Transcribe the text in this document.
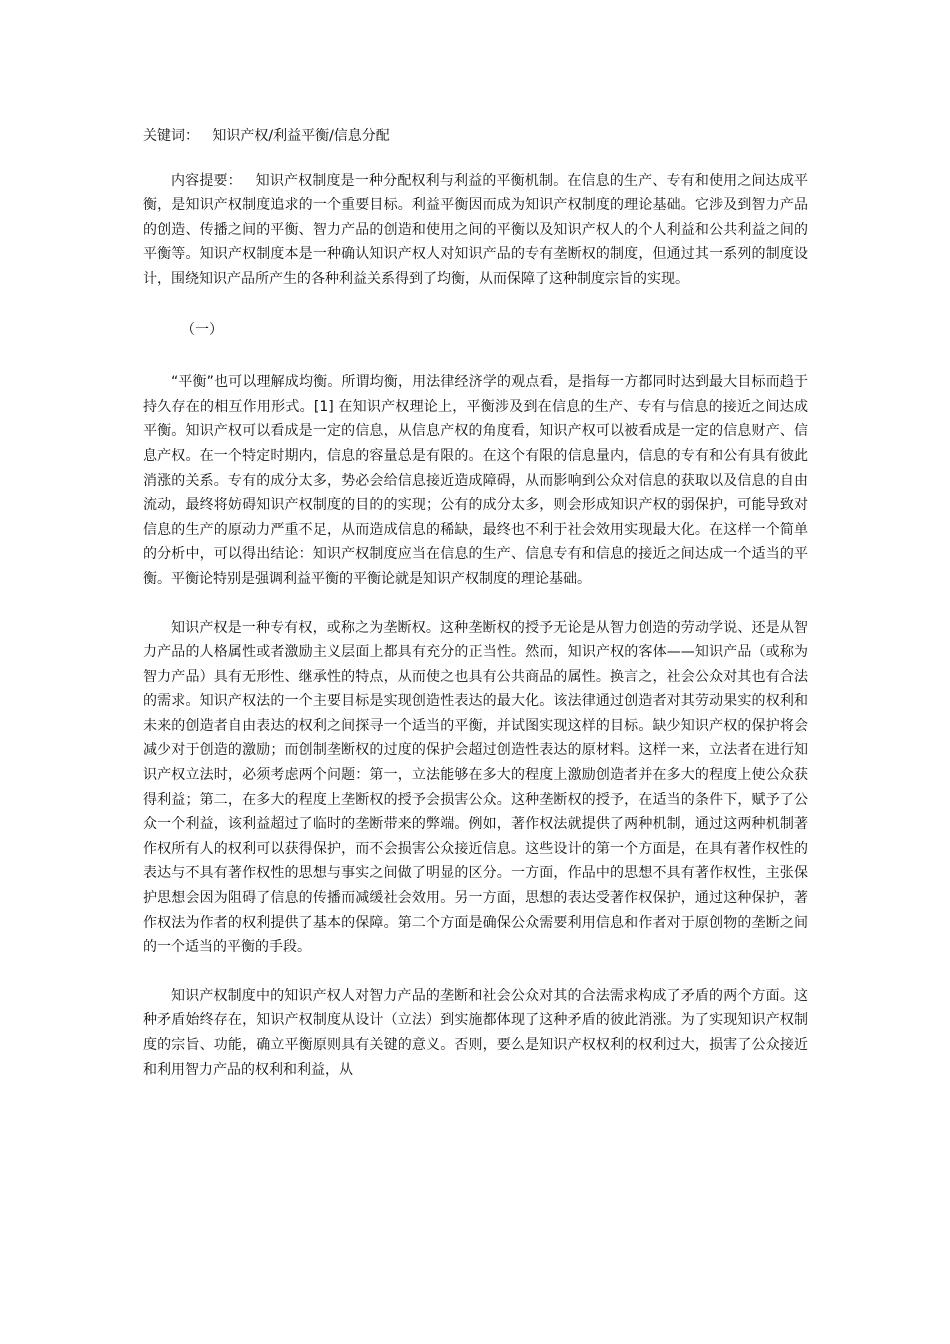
关键词：   知识产权/利益平衡/信息分配

内容提要：   知识产权制度是一种分配权利与利益的平衡机制。在信息的生产、专有和使用之间达成平衡，是知识产权制度追求的一个重要目标。利益平衡因而成为知识产权制度的理论基础。它涉及到智力产品的创造、传播之间的平衡、智力产品的创造和使用之间的平衡以及知识产权人的个人利益和公共利益之间的平衡等。知识产权制度本是一种确认知识产权人对知识产品的专有垄断权的制度，但通过其一系列的制度设计，围绕知识产品所产生的各种利益关系得到了均衡，从而保障了这种制度宗旨的实现。

（一）

“平衡”也可以理解成均衡。所谓均衡，用法律经济学的观点看，是指每一方都同时达到最大目标而趋于持久存在的相互作用形式。[1] 在知识产权理论上，平衡涉及到在信息的生产、专有与信息的接近之间达成平衡。知识产权可以看成是一定的信息，从信息产权的角度看，知识产权可以被看成是一定的信息财产、信息产权。在一个特定时期内，信息的容量总是有限的。在这个有限的信息量内，信息的专有和公有具有彼此消涨的关系。专有的成分太多，势必会给信息接近造成障碍，从而影响到公众对信息的获取以及信息的自由流动，最终将妨碍知识产权制度的目的的实现；公有的成分太多，则会形成知识产权的弱保护，可能导致对信息的生产的原动力严重不足，从而造成信息的稀缺，最终也不利于社会效用实现最大化。在这样一个简单的分析中，可以得出结论：知识产权制度应当在信息的生产、信息专有和信息的接近之间达成一个适当的平衡。平衡论特别是强调利益平衡的平衡论就是知识产权制度的理论基础。

知识产权是一种专有权，或称之为垄断权。这种垄断权的授予无论是从智力创造的劳动学说、还是从智力产品的人格属性或者激励主义层面上都具有充分的正当性。然而，知识产权的客体——知识产品（或称为智力产品）具有无形性、继承性的特点，从而使之也具有公共商品的属性。换言之，社会公众对其也有合法的需求。知识产权法的一个主要目标是实现创造性表达的最大化。该法律通过创造者对其劳动果实的权利和未来的创造者自由表达的权利之间探寻一个适当的平衡，并试图实现这样的目标。缺少知识产权的保护将会减少对于创造的激励；而创制垄断权的过度的保护会超过创造性表达的原材料。这样一来，立法者在进行知识产权立法时，必须考虑两个问题：第一，立法能够在多大的程度上激励创造者并在多大的程度上使公众获得利益；第二，在多大的程度上垄断权的授予会损害公众。这种垄断权的授予，在适当的条件下，赋予了公众一个利益，该利益超过了临时的垄断带来的弊端。例如，著作权法就提供了两种机制，通过这两种机制著作权所有人的权利可以获得保护，而不会损害公众接近信息。这些设计的第一个方面是，在具有著作权性的表达与不具有著作权性的思想与事实之间做了明显的区分。一方面，作品中的思想不具有著作权性，主张保护思想会因为阻碍了信息的传播而减缓社会效用。另一方面，思想的表达受著作权保护，通过这种保护，著作权法为作者的权利提供了基本的保障。第二个方面是确保公众需要利用信息和作者对于原创物的垄断之间的一个适当的平衡的手段。

知识产权制度中的知识产权人对智力产品的垄断和社会公众对其的合法需求构成了矛盾的两个方面。这种矛盾始终存在，知识产权制度从设计（立法）到实施都体现了这种矛盾的彼此消涨。为了实现知识产权制度的宗旨、功能，确立平衡原则具有关键的意义。否则，要么是知识产权权利的权利过大，损害了公众接近和利用智力产品的权利和利益，从
